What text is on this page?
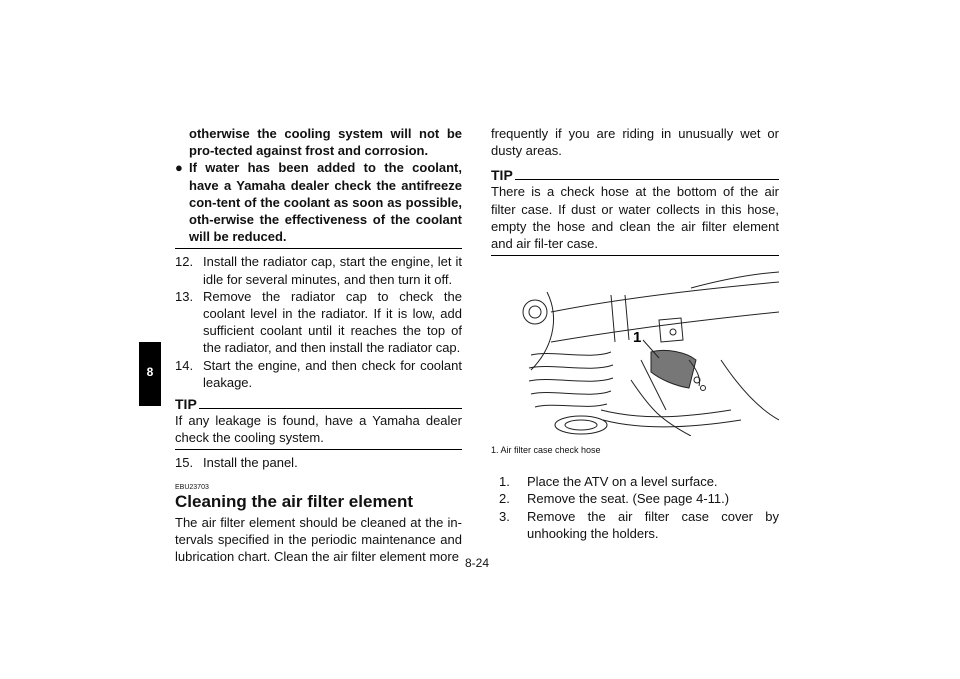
8

otherwise the cooling system will not be pro-tected against frost and corrosion.

● If water has been added to the coolant, have a Yamaha dealer check the antifreeze con-tent of the coolant as soon as possible, oth-erwise the effectiveness of the coolant will be reduced.

12. Install the radiator cap, start the engine, let it idle for several minutes, and then turn it off.
13. Remove the radiator cap to check the coolant level in the radiator. If it is low, add sufficient coolant until it reaches the top of the radiator, and then install the radiator cap.
14. Start the engine, and then check for coolant leakage.
TIP

If any leakage is found, have a Yamaha dealer check the cooling system.

15. Install the panel.
EBU23703
Cleaning the air filter element

The air filter element should be cleaned at the in-tervals specified in the periodic maintenance and lubrication chart. Clean the air filter element more

frequently if you are riding in unusually wet or dusty areas.

TIP

There is a check hose at the bottom of the air filter case. If dust or water collects in this hose, empty the hose and clean the air filter element and air fil-ter case.

1
1. Air filter case check hose
1. Place the ATV on a level surface.
2. Remove the seat. (See page 4-11.)
3. Remove the air filter case cover by unhooking the holders.
8-24
